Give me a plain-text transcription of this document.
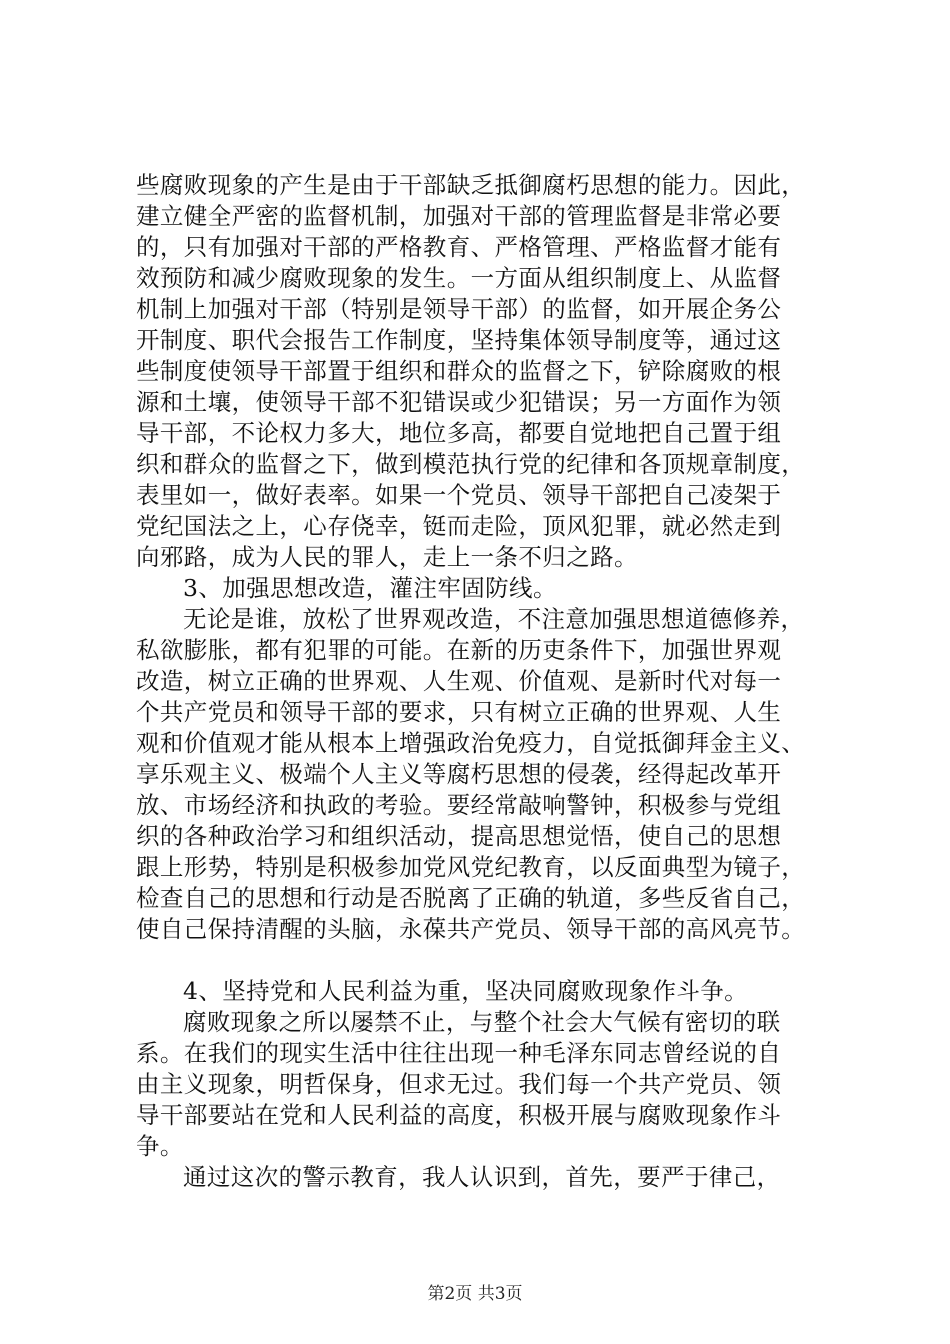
些腐败现象的产生是由于干部缺乏抵御腐朽思想的能力。因此，
建立健全严密的监督机制，加强对干部的管理监督是非常必要
的，只有加强对干部的严格教育、严格管理、严格监督才能有
效预防和减少腐败现象的发生。一方面从组织制度上、从监督
机制上加强对干部（特别是领导干部）的监督，如开展企务公
开制度、职代会报告工作制度，坚持集体领导制度等，通过这
些制度使领导干部置于组织和群众的监督之下，铲除腐败的根
源和土壤，使领导干部不犯错误或少犯错误；另一方面作为领
导干部，不论权力多大，地位多高，都要自觉地把自己置于组
织和群众的监督之下，做到模范执行党的纪律和各顶规章制度，
表里如一，做好表率。如果一个党员、领导干部把自己凌架于
党纪国法之上，心存侥幸，铤而走险，顶风犯罪，就必然走到
向邪路，成为人民的罪人，走上一条不归之路。
3、加强思想改造，灌注牢固防线。
无论是谁，放松了世界观改造，不注意加强思想道德修养，
私欲膨胀，都有犯罪的可能。在新的历吏条件下，加强世界观
改造，树立正确的世界观、人生观、价值观、是新时代对每一
个共产党员和领导干部的要求，只有树立正确的世界观、人生
观和价值观才能从根本上增强政治免疫力，自觉抵御拜金主义、
享乐观主义、极端个人主义等腐朽思想的侵袭，经得起改革开
放、市场经济和执政的考验。要经常敲响警钟，积极参与党组
织的各种政治学习和组织活动，提高思想觉悟，使自己的思想
跟上形势，特别是积极参加党风党纪教育，以反面典型为镜子，
检查自己的思想和行动是否脱离了正确的轨道，多些反省自己，
使自己保持清醒的头脑，永葆共产党员、领导干部的高风亮节。
4、坚持党和人民利益为重，坚决同腐败现象作斗争。
腐败现象之所以屡禁不止，与整个社会大气候有密切的联
系。在我们的现实生活中往往出现一种毛泽东同志曾经说的自
由主义现象，明哲保身，但求无过。我们每一个共产党员、领
导干部要站在党和人民利益的高度，积极开展与腐败现象作斗
争。
通过这次的警示教育，我人认识到，首先，要严于律己，
第2页 共3页
